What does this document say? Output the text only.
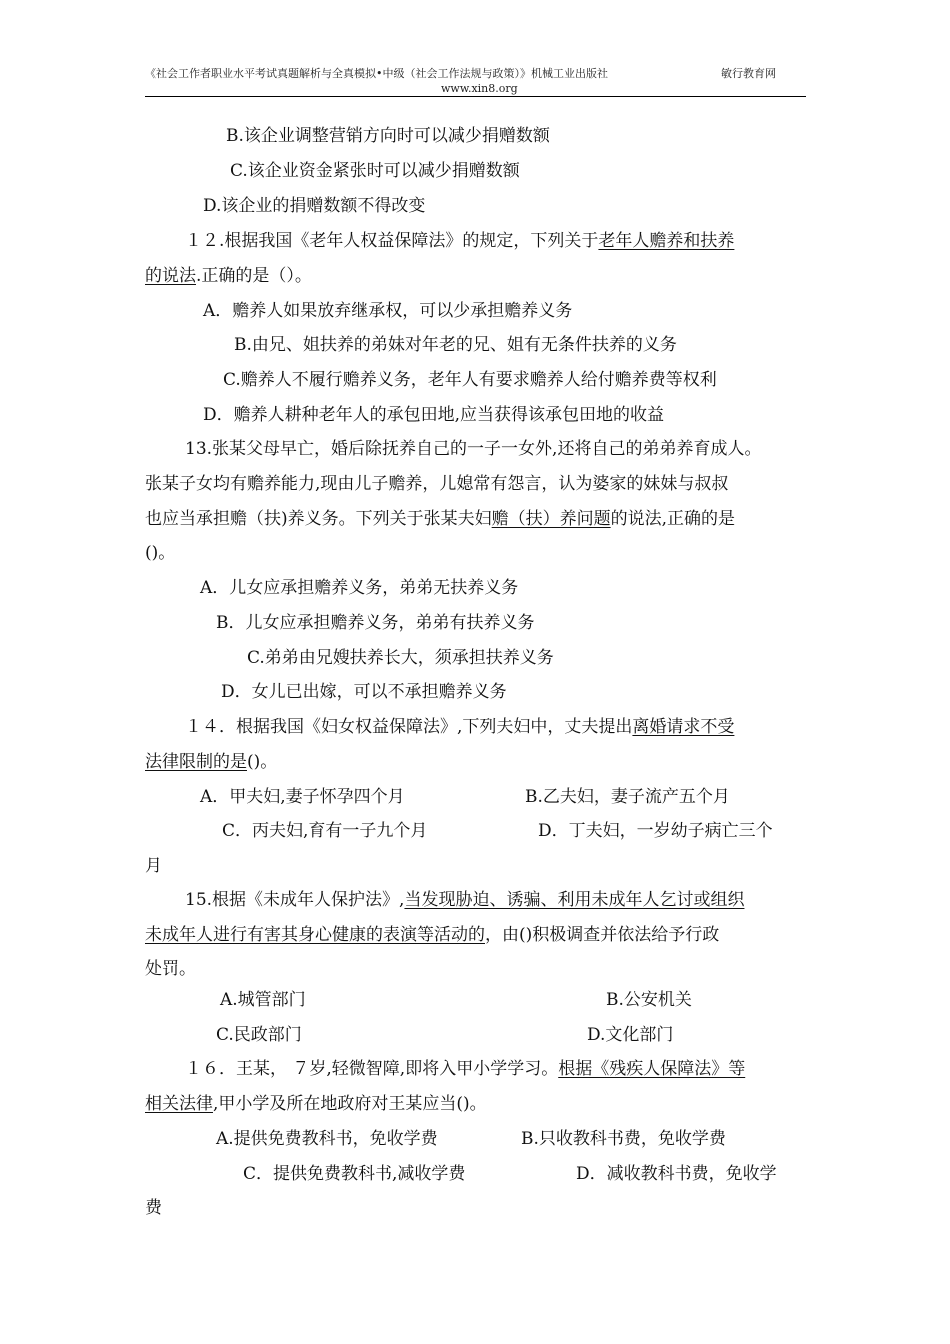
《社会工作者职业水平考试真题解析与全真模拟•中级（社会工作法规与政策）》机械工业出版社	敏行教育网
www.xin8.org
B.该企业调整营销方向时可以减少捐赠数额
C.该企业资金紧张时可以减少捐赠数额
D.该企业的捐赠数额不得改变
１２.根据我国《老年人权益保障法》的规定，下列关于老年人赡养和扶养
的说法.正确的是（）。
A．赡养人如果放弃继承权，可以少承担赡养义务
B.由兄、姐扶养的弟妹对年老的兄、姐有无条件扶养的义务
C.赡养人不履行赡养义务，老年人有要求赡养人给付赡养费等权利
D．赡养人耕种老年人的承包田地,应当获得该承包田地的收益
13.张某父母早亡，婚后除抚养自己的一子一女外,还将自己的弟弟养育成人。
张某子女均有赡养能力,现由儿子赡养，儿媳常有怨言，认为婆家的妹妹与叔叔
也应当承担赡（扶)养义务。下列关于张某夫妇赡（扶）养问题的说法,正确的是
()。
A．儿女应承担赡养义务，弟弟无扶养义务
B．儿女应承担赡养义务，弟弟有扶养义务
C.弟弟由兄嫂扶养长大，须承担扶养义务
D．女儿已出嫁，可以不承担赡养义务
１４．根据我国《妇女权益保障法》,下列夫妇中，丈夫提出离婚请求不受
法律限制的是()。
A．甲夫妇,妻子怀孕四个月	B.乙夫妇，妻子流产五个月
C．丙夫妇,育有一子九个月	D．丁夫妇，一岁幼子病亡三个
月
15.根据《未成年人保护法》,当发现胁迫、诱骗、利用未成年人乞讨或组织
未成年人进行有害其身心健康的表演等活动的，由()积极调查并依法给予行政
处罚。
A.城管部门	B.公安机关
C.民政部门	D.文化部门
１６．王某， ７岁,轻微智障,即将入甲小学学习。根据《残疾人保障法》等
相关法律,甲小学及所在地政府对王某应当()。
A.提供免费教科书，免收学费	B.只收教科书费，免收学费
C．提供免费教科书,减收学费	D．减收教科书费，免收学
费
